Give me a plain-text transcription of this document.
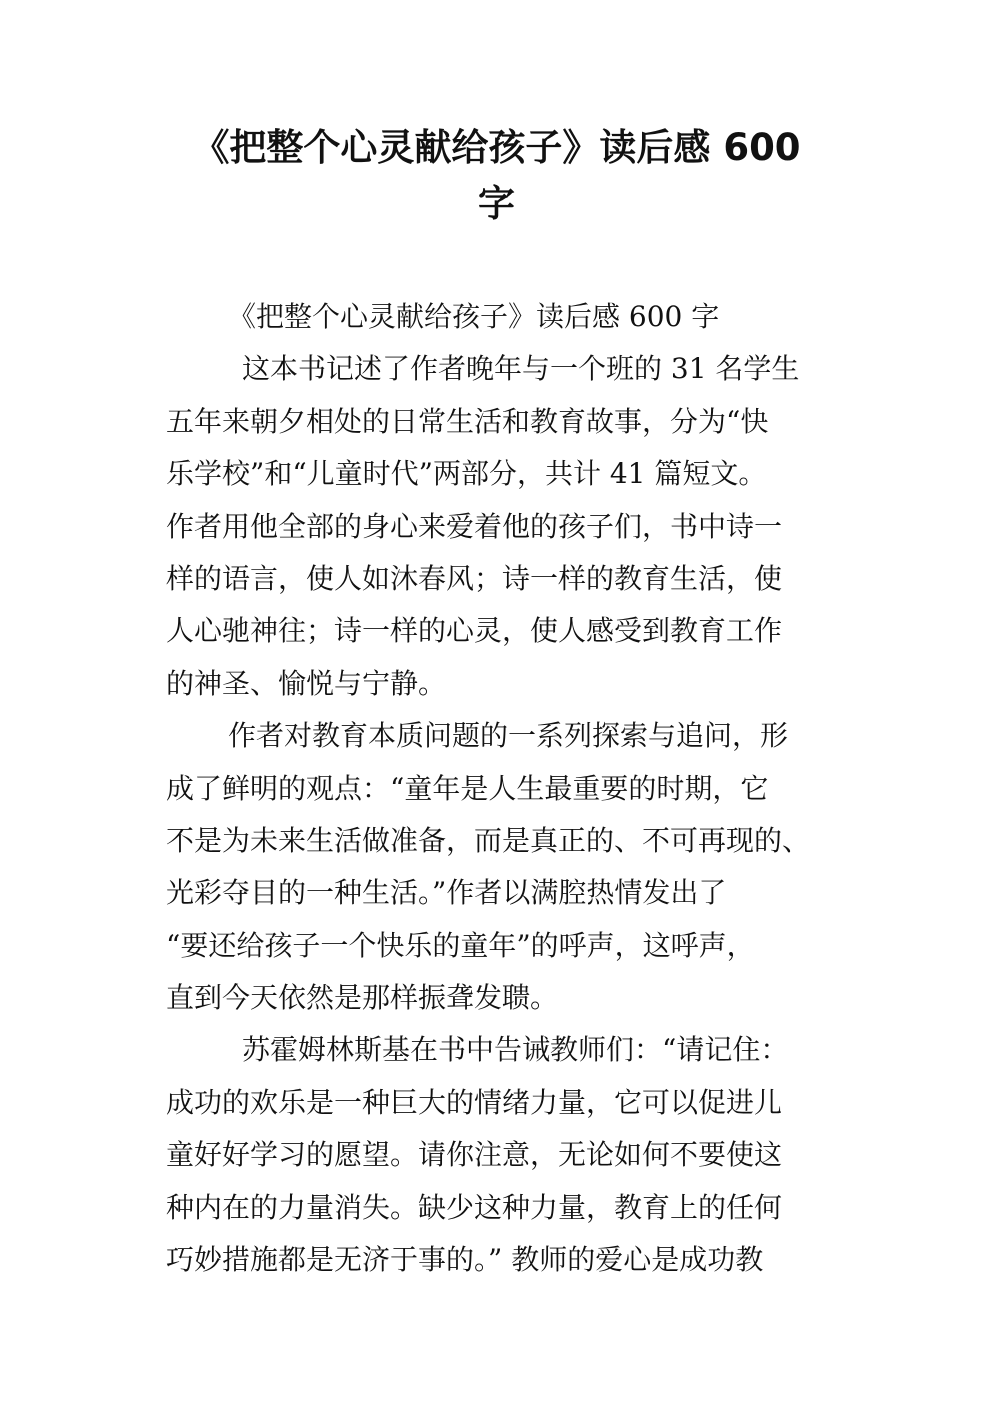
《把整个心灵献给孩子》读后感 600
字
《把整个心灵献给孩子》读后感 600 字
这本书记述了作者晚年与一个班的 31 名学生
五年来朝夕相处的日常生活和教育故事，分为“快
乐学校”和“儿童时代”两部分，共计 41 篇短文。
作者用他全部的身心来爱着他的孩子们，书中诗一
样的语言，使人如沐春风；诗一样的教育生活，使
人心驰神往；诗一样的心灵，使人感受到教育工作
的神圣、愉悦与宁静。
作者对教育本质问题的一系列探索与追问，形
成了鲜明的观点：“童年是人生最重要的时期，它
不是为未来生活做准备，而是真正的、不可再现的、
光彩夺目的一种生活。”作者以满腔热情发出了
“要还给孩子一个快乐的童年”的呼声，这呼声，
直到今天依然是那样振聋发聩。
苏霍姆林斯基在书中告诫教师们：“请记住：
成功的欢乐是一种巨大的情绪力量，它可以促进儿
童好好学习的愿望。请你注意，无论如何不要使这
种内在的力量消失。缺少这种力量，教育上的任何
巧妙措施都是无济于事的。” 教师的爱心是成功教
